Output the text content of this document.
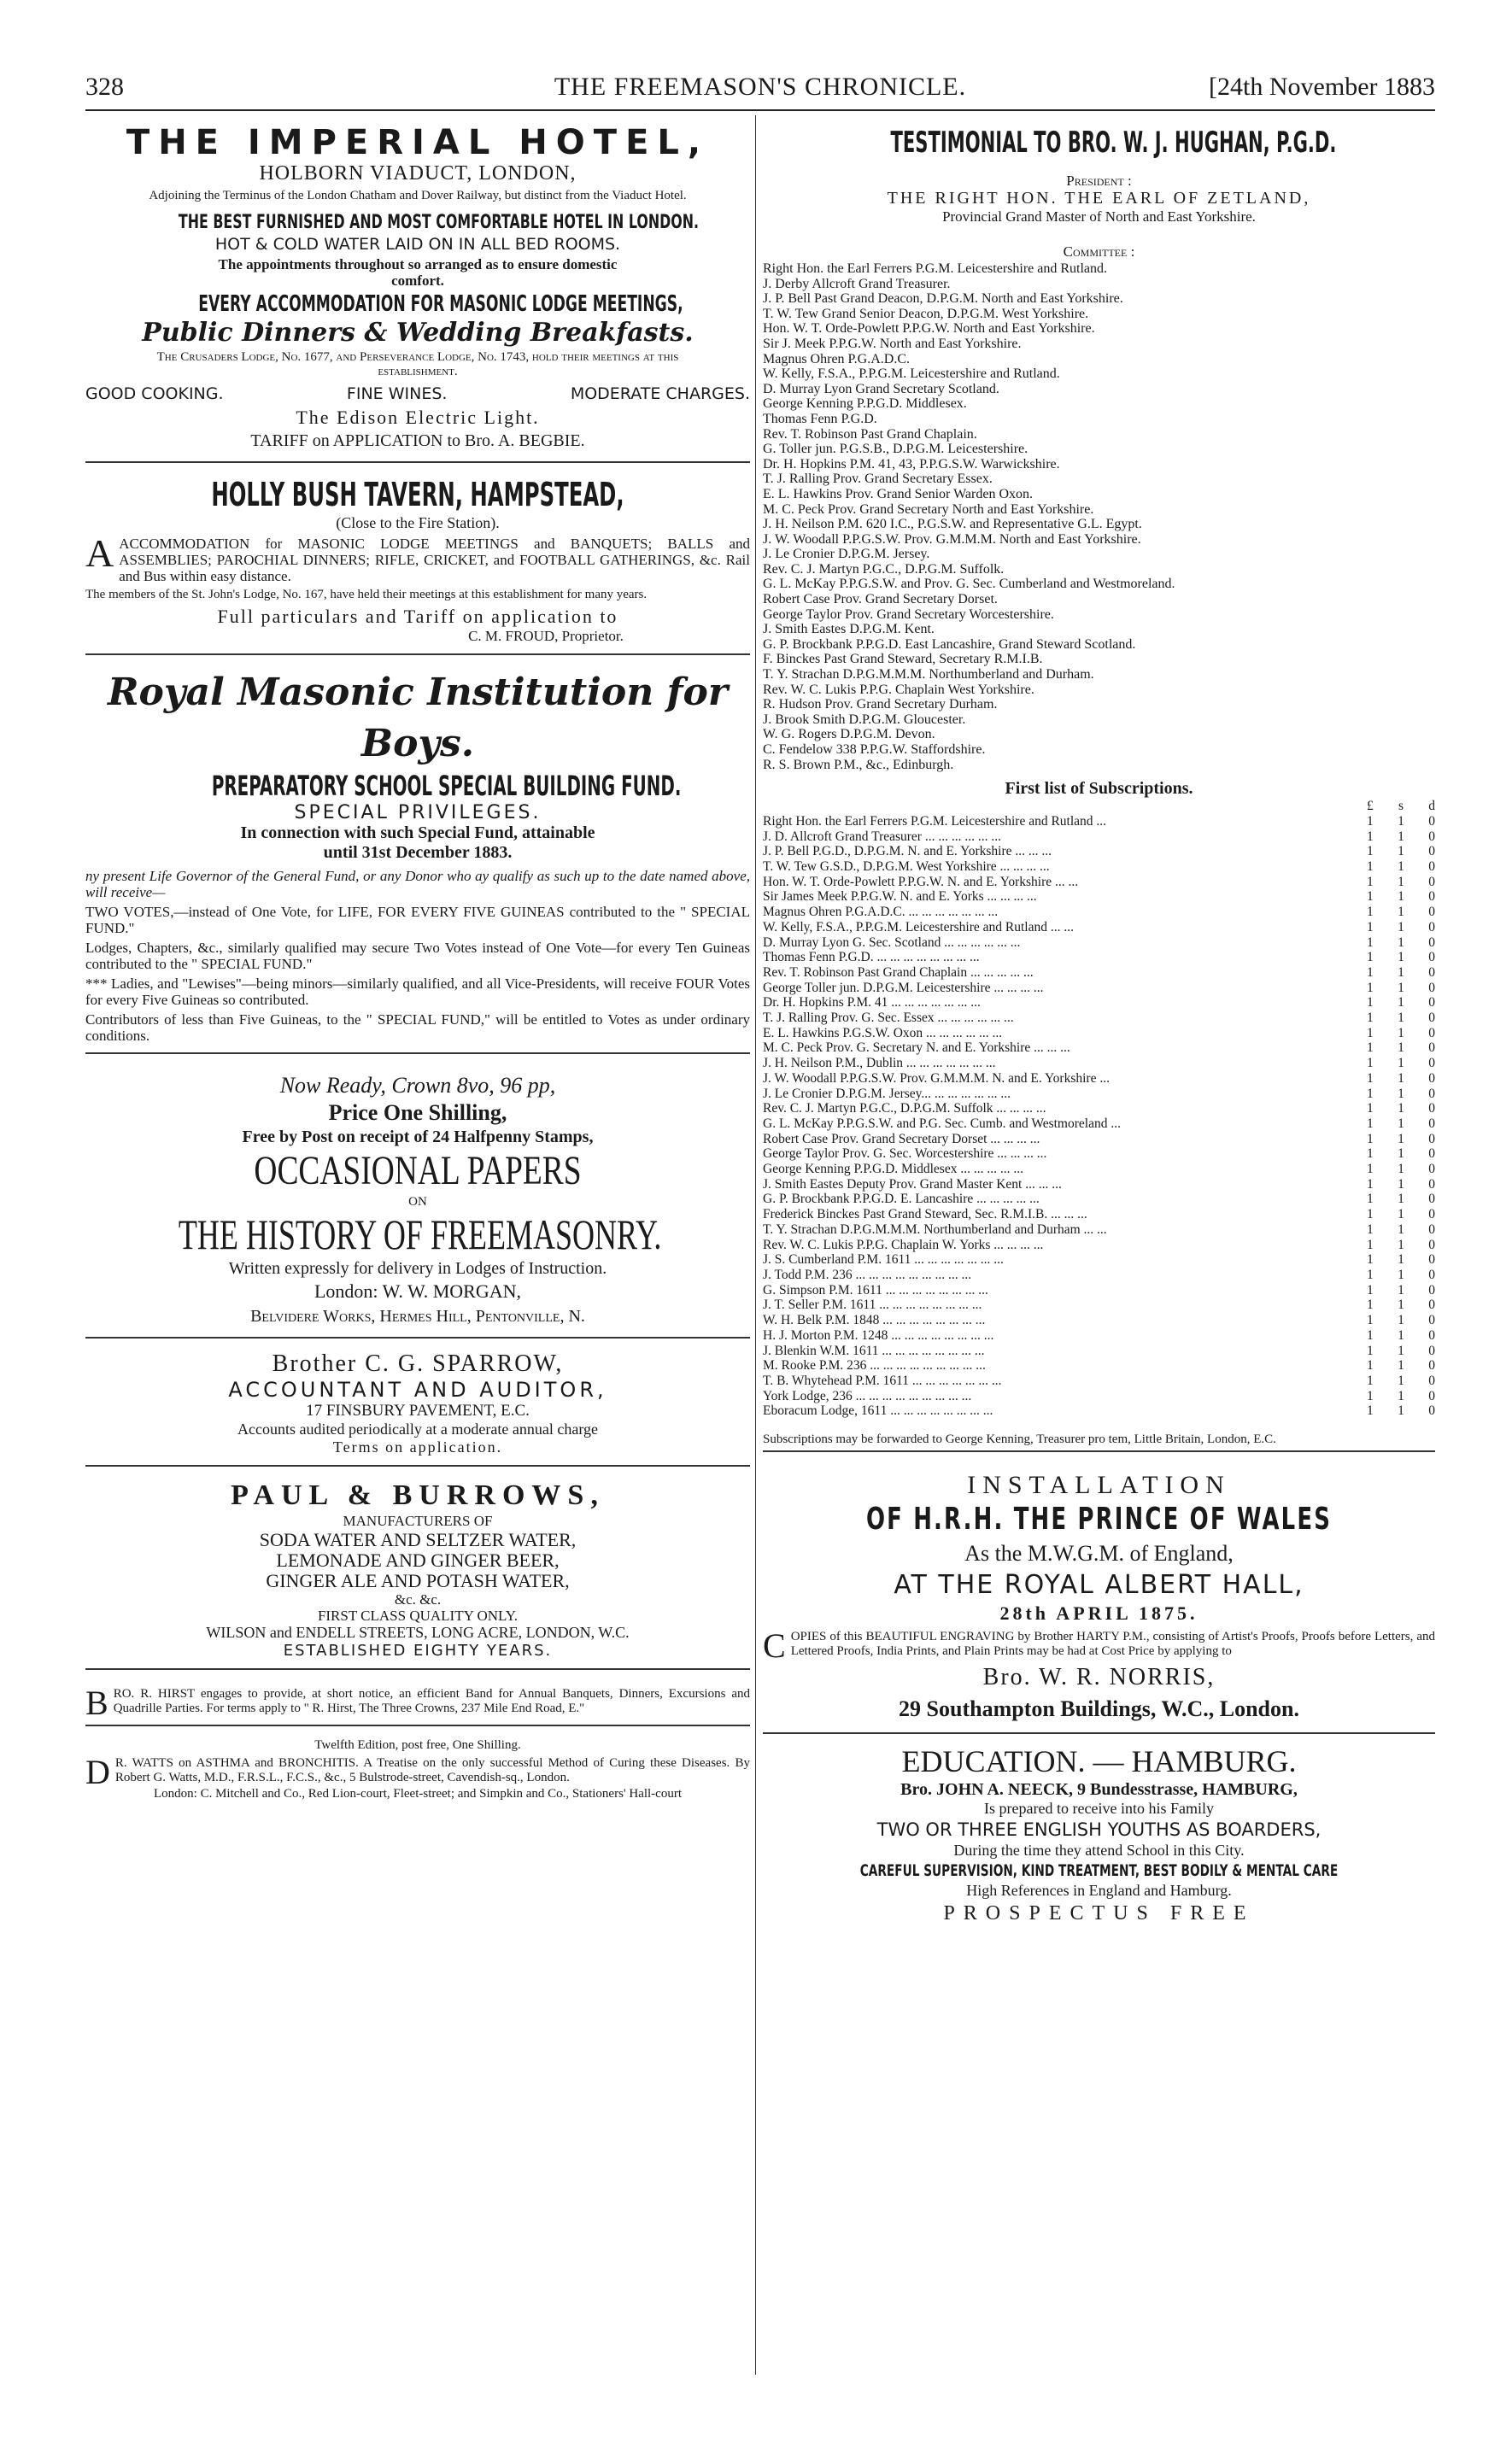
328	THE FREEMASON'S CHRONICLE.	[24th November 1883

THE IMPERIAL HOTEL,

HOLBORN VIADUCT, LONDON,

Adjoining the Terminus of the London Chatham and Dover Railway, but distinct from the Viaduct Hotel.

THE BEST FURNISHED AND MOST COMFORTABLE HOTEL IN LONDON.

HOT & COLD WATER LAID ON IN ALL BED ROOMS.

The appointments throughout so arranged as to ensure domestic comfort.

EVERY ACCOMMODATION FOR MASONIC LODGE MEETINGS,

Public Dinners & Wedding Breakfasts.

The Crusaders Lodge, No. 1677, and Perseverance Lodge, No. 1743, hold their meetings at this establishment.

GOOD COOKING.	FINE WINES.	MODERATE CHARGES.

The Edison Electric Light.

TARIFF on APPLICATION to Bro. A. BEGBIE.

HOLLY BUSH TAVERN, HAMPSTEAD,

(Close to the Fire Station).

AACCOMMODATION for MASONIC LODGE MEETINGS and BANQUETS; BALLS and ASSEMBLIES; PAROCHIAL DINNERS; RIFLE, CRICKET, and FOOTBALL GATHERINGS, &c. Rail and Bus within easy distance.

The members of the St. John's Lodge, No. 167, have held their meetings at this establishment for many years.

Full particulars and Tariff on application to

C. M. FROUD, Proprietor.

Royal Masonic Institution for Boys.

PREPARATORY SCHOOL SPECIAL BUILDING FUND.

SPECIAL PRIVILEGES.

In connection with such Special Fund, attainable

until 31st December 1883.

ny present Life Governor of the General Fund, or any Donor who ay qualify as such up to the date named above, will receive—

TWO VOTES,—instead of One Vote, for LIFE, FOR EVERY FIVE GUINEAS contributed to the " SPECIAL FUND."

Lodges, Chapters, &c., similarly qualified may secure Two Votes instead of One Vote—for every Ten Guineas contributed to the " SPECIAL FUND."

*** Ladies, and "Lewises"—being minors—similarly qualified, and all Vice-Presidents, will receive FOUR Votes for every Five Guineas so contributed.

Contributors of less than Five Guineas, to the " SPECIAL FUND," will be entitled to Votes as under ordinary conditions.

Now Ready, Crown 8vo, 96 pp,

Price One Shilling,

Free by Post on receipt of 24 Halfpenny Stamps,

OCCASIONAL PAPERS

ON

THE HISTORY OF FREEMASONRY.

Written expressly for delivery in Lodges of Instruction.

London: W. W. MORGAN,

Belvidere Works, Hermes Hill, Pentonville, N.

Brother C. G. SPARROW,

ACCOUNTANT AND AUDITOR,

17 FINSBURY PAVEMENT, E.C.

Accounts audited periodically at a moderate annual charge

Terms on application.

PAUL & BURROWS,

MANUFACTURERS OF

SODA WATER AND SELTZER WATER,

LEMONADE AND GINGER BEER,

GINGER ALE AND POTASH WATER,

&c. &c.

FIRST CLASS QUALITY ONLY.

WILSON and ENDELL STREETS, LONG ACRE, LONDON, W.C.

ESTABLISHED EIGHTY YEARS.

BRO. R. HIRST engages to provide, at short notice, an efficient Band for Annual Banquets, Dinners, Excursions and Quadrille Parties. For terms apply to " R. Hirst, The Three Crowns, 237 Mile End Road, E."

Twelfth Edition, post free, One Shilling.

D R. WATTS on ASTHMA and BRONCHITIS. A Treatise on the only successful Method of Curing these Diseases. By Robert G. Watts, M.D., F.R.S.L., F.C.S., &c., 5 Bulstrode-street, Cavendish-sq., London.

London: C. Mitchell and Co., Red Lion-court, Fleet-street; and Simpkin and Co., Stationers' Hall-court

TESTIMONIAL TO BRO. W. J. HUGHAN, P.G.D.

President :

THE RIGHT HON. THE EARL OF ZETLAND,

Provincial Grand Master of North and East Yorkshire.

Committee :

Right Hon. the Earl Ferrers P.G.M. Leicestershire and Rutland.
J. Derby Allcroft Grand Treasurer.
J. P. Bell Past Grand Deacon, D.P.G.M. North and East Yorkshire.
T. W. Tew Grand Senior Deacon, D.P.G.M. West Yorkshire.
Hon. W. T. Orde-Powlett P.P.G.W. North and East Yorkshire.
Sir J. Meek P.P.G.W. North and East Yorkshire.
Magnus Ohren P.G.A.D.C.
W. Kelly, F.S.A., P.P.G.M. Leicestershire and Rutland.
D. Murray Lyon Grand Secretary Scotland.
George Kenning P.P.G.D. Middlesex.
Thomas Fenn P.G.D.
Rev. T. Robinson Past Grand Chaplain.
G. Toller jun. P.G.S.B., D.P.G.M. Leicestershire.
Dr. H. Hopkins P.M. 41, 43, P.P.G.S.W. Warwickshire.
T. J. Ralling Prov. Grand Secretary Essex.
E. L. Hawkins Prov. Grand Senior Warden Oxon.
M. C. Peck Prov. Grand Secretary North and East Yorkshire.
J. H. Neilson P.M. 620 I.C., P.G.S.W. and Representative G.L. Egypt.
J. W. Woodall P.P.G.S.W. Prov. G.M.M.M. North and East Yorkshire.
J. Le Cronier D.P.G.M. Jersey.
Rev. C. J. Martyn P.G.C., D.P.G.M. Suffolk.
G. L. McKay P.P.G.S.W. and Prov. G. Sec. Cumberland and Westmoreland.
Robert Case Prov. Grand Secretary Dorset.
George Taylor Prov. Grand Secretary Worcestershire.
J. Smith Eastes D.P.G.M. Kent.
G. P. Brockbank P.P.G.D. East Lancashire, Grand Steward Scotland.
F. Binckes Past Grand Steward, Secretary R.M.I.B.
T. Y. Strachan D.P.G.M.M.M. Northumberland and Durham.
Rev. W. C. Lukis P.P.G. Chaplain West Yorkshire.
R. Hudson Prov. Grand Secretary Durham.
J. Brook Smith D.P.G.M. Gloucester.
W. G. Rogers D.P.G.M. Devon.
C. Fendelow 338 P.P.G.W. Staffordshire.
R. S. Brown P.M., &c., Edinburgh.

First list of Subscriptions.

£ s d
Right Hon. the Earl Ferrers P.G.M. Leicestershire and Rutland ...	1 1 0
J. D. Allcroft Grand Treasurer ... ... ... ... ... ...	1 1 0
J. P. Bell P.G.D., D.P.G.M. N. and E. Yorkshire ... ... ...	1 1 0
T. W. Tew G.S.D., D.P.G.M. West Yorkshire ... ... ... ...	1 1 0
Hon. W. T. Orde-Powlett P.P.G.W. N. and E. Yorkshire ... ...	1 1 0
Sir James Meek P.P.G.W. N. and E. Yorks ... ... ... ...	1 1 0
Magnus Ohren P.G.A.D.C. ... ... ... ... ... ... ...	1 1 0
W. Kelly, F.S.A., P.P.G.M. Leicestershire and Rutland ... ...	1 1 0
D. Murray Lyon G. Sec. Scotland ... ... ... ... ... ...	1 1 0
Thomas Fenn P.G.D. ... ... ... ... ... ... ... ...	1 1 0
Rev. T. Robinson Past Grand Chaplain ... ... ... ... ...	1 1 0
George Toller jun. D.P.G.M. Leicestershire ... ... ... ...	1 1 0
Dr. H. Hopkins P.M. 41 ... ... ... ... ... ... ...	1 1 0
T. J. Ralling Prov. G. Sec. Essex ... ... ... ... ... ...	1 1 0
E. L. Hawkins P.G.S.W. Oxon ... ... ... ... ... ...	1 1 0
M. C. Peck Prov. G. Secretary N. and E. Yorkshire ... ... ...	1 1 0
J. H. Neilson P.M., Dublin ... ... ... ... ... ... ...	1 1 0
J. W. Woodall P.P.G.S.W. Prov. G.M.M.M. N. and E. Yorkshire ...	1 1 0
J. Le Cronier D.P.G.M. Jersey... ... ... ... ... ... ...	1 1 0
Rev. C. J. Martyn P.G.C., D.P.G.M. Suffolk ... ... ... ...	1 1 0
G. L. McKay P.P.G.S.W. and P.G. Sec. Cumb. and Westmoreland ...	1 1 0
Robert Case Prov. Grand Secretary Dorset ... ... ... ...	1 1 0
George Taylor Prov. G. Sec. Worcestershire ... ... ... ...	1 1 0
George Kenning P.P.G.D. Middlesex ... ... ... ... ...	1 1 0
J. Smith Eastes Deputy Prov. Grand Master Kent ... ... ...	1 1 0
G. P. Brockbank P.P.G.D. E. Lancashire ... ... ... ... ...	1 1 0
Frederick Binckes Past Grand Steward, Sec. R.M.I.B. ... ... ...	1 1 0
T. Y. Strachan D.P.G.M.M.M. Northumberland and Durham ... ...	1 1 0
Rev. W. C. Lukis P.P.G. Chaplain W. Yorks ... ... ... ...	1 1 0
J. S. Cumberland P.M. 1611 ... ... ... ... ... ... ...	1 1 0
J. Todd P.M. 236 ... ... ... ... ... ... ... ... ...	1 1 0
G. Simpson P.M. 1611 ... ... ... ... ... ... ... ...	1 1 0
J. T. Seller P.M. 1611 ... ... ... ... ... ... ... ...	1 1 0
W. H. Belk P.M. 1848 ... ... ... ... ... ... ... ...	1 1 0
H. J. Morton P.M. 1248 ... ... ... ... ... ... ... ...	1 1 0
J. Blenkin W.M. 1611 ... ... ... ... ... ... ... ...	1 1 0
M. Rooke P.M. 236 ... ... ... ... ... ... ... ... ...	1 1 0
T. B. Whytehead P.M. 1611 ... ... ... ... ... ... ...	1 1 0
York Lodge, 236 ... ... ... ... ... ... ... ... ...	1 1 0
Eboracum Lodge, 1611 ... ... ... ... ... ... ... ...	1 1 0

Subscriptions may be forwarded to George Kenning, Treasurer pro tem, Little Britain, London, E.C.

INSTALLATION

OF H.R.H. THE PRINCE OF WALES

As the M.W.G.M. of England,

AT THE ROYAL ALBERT HALL,

28th APRIL 1875.

COPIES of this BEAUTIFUL ENGRAVING by Brother HARTY P.M., consisting of Artist's Proofs, Proofs before Letters, and Lettered Proofs, India Prints, and Plain Prints may be had at Cost Price by applying to

Bro. W. R. NORRIS,

29 Southampton Buildings, W.C., London.

EDUCATION. — HAMBURG.

Bro. JOHN A. NEECK, 9 Bundesstrasse, HAMBURG,

Is prepared to receive into his Family

TWO OR THREE ENGLISH YOUTHS AS BOARDERS,

During the time they attend School in this City.

CAREFUL SUPERVISION, KIND TREATMENT, BEST BODILY & MENTAL CARE

High References in England and Hamburg.

PROSPECTUS FREE
